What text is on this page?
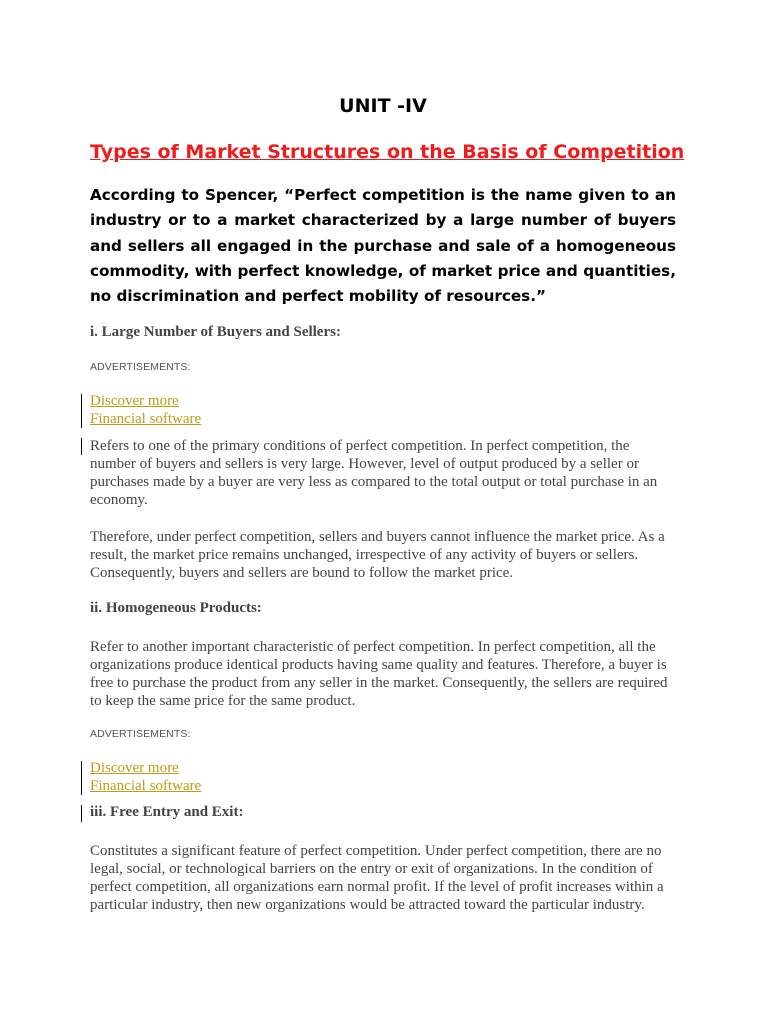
UNIT -IV
Types of Market Structures on the Basis of Competition

According to Spencer, “Perfect competition is the name given to an industry or to a market characterized by a large number of buyers and sellers all engaged in the purchase and sale of a homogeneous commodity, with perfect knowledge, of market price and quantities, no discrimination and perfect mobility of resources.”

i. Large Number of Buyers and Sellers:

ADVERTISEMENTS:

Discover more
Financial software

Refers to one of the primary conditions of perfect competition. In perfect competition, the number of buyers and sellers is very large. However, level of output produced by a seller or purchases made by a buyer are very less as compared to the total output or total purchase in an economy.

Therefore, under perfect competition, sellers and buyers cannot influence the market price. As a result, the market price remains unchanged, irrespective of any activity of buyers or sellers. Consequently, buyers and sellers are bound to follow the market price.

ii. Homogeneous Products:

Refer to another important characteristic of perfect competition. In perfect competition, all the organizations produce identical products having same quality and features. Therefore, a buyer is free to purchase the product from any seller in the market. Consequently, the sellers are required to keep the same price for the same product.

ADVERTISEMENTS:

Discover more
Financial software

iii. Free Entry and Exit:

Constitutes a significant feature of perfect competition. Under perfect competition, there are no legal, social, or technological barriers on the entry or exit of organizations. In the condition of perfect competition, all organizations earn normal profit. If the level of profit increases within a particular industry, then new organizations would be attracted toward the particular industry.
